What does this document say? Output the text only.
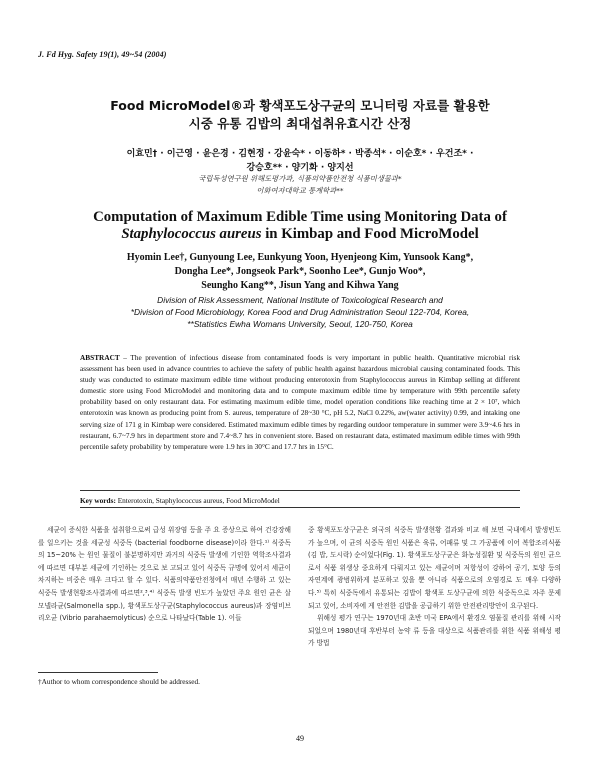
J. Fd Hyg. Safety 19(1), 49~54 (2004)
Food MicroModel®과 황색포도상구균의 모니터링 자료를 활용한
시중 유통 김밥의 최대섭취유효시간 산정
이효민† · 이근영 · 윤은경 · 김현정 · 강윤숙* · 이동하* · 박종석* · 이순호* · 우건조* ·
강승호** · 양기화 · 양지선
국립독성연구원 위해도평가과, 식품의약품안전청 식품미생물과*
이화여자대학교 통계학과**
Computation of Maximum Edible Time using Monitoring Data of
Staphylococcus aureus in Kimbap and Food MicroModel
Hyomin Lee†, Gunyoung Lee, Eunkyung Yoon, Hyenjeong Kim, Yunsook Kang*,
Dongha Lee*, Jongseok Park*, Soonho Lee*, Gunjo Woo*,
Seungho Kang**, Jisun Yang and Kihwa Yang
Division of Risk Assessment, National Institute of Toxicological Research and
*Division of Food Microbiology, Korea Food and Drug Administration Seoul 122-704, Korea,
**Statistics Ewha Womans University, Seoul, 120-750, Korea
ABSTRACT – The prevention of infectious disease from contaminated foods is very important in public health. Quantitative microbial risk assessment has been used in advance countries to achieve the safety of public health against hazardous microbial causing contaminated foods. This study was conducted to estimate maximum edible time without producing enterotoxin from Staphylococcus aureus in Kimbap selling at different domestic store using Food MicroModel and monitoring data and to compute maximum edible time by temperature with 99th percentile safety probability based on only restaurant data. For estimating maximum edible time, model operation conditions like reaching time at 2 × 10⁷, which enterotoxin was known as producing point from S. aureus, temperature of 28~30 °C, pH 5.2, NaCl 0.22%, aw(water activity) 0.99, and intaking one serving size of 171 g in Kimbap were considered. Estimated maximum edible times by regarding outdoor temperature in summer were 3.9~4.6 hrs in restaurant, 6.7~7.9 hrs in department store and 7.4~8.7 hrs in convenient store. Based on restaurant data, estimated maximum edible times with 99th percentile safety probability by temperature were 1.9 hrs in 30°C and 17.7 hrs in 15°C.
Key words: Enterotoxin, Staphylococcus aureus, Food MicroModel

세균이 증식한 식품을 섭취함으로써 급성 위장염 등을 주 요 증상으로 하여 건강장해를 일으키는 것을 세균성 식중독 (bacterial foodborne disease)이라 한다.¹⁾ 식중독의 15~20% 는 원인 물질이 불분명하지만 과거의 식중독 발생에 기인한 역학조사결과에 따르면 대부분 세균에 기인하는 것으로 보 고되고 있어 식중독 규명에 있어서 세균이 차지하는 비중은 매우 크다고 할 수 있다. 식품의약품안전청에서 매년 수행하 고 있는 식중독 발생현황조사결과에 따르면²,³,⁴⁾ 식중독 발생 빈도가 높았던 주요 원인 균은 살모넬라균(Salmonella spp.), 황색포도상구균(Staphylococcus aureus)과 장염비브리오균 (Vibrio parahaemolyticus) 순으로 나타났다(Table 1). 이들

중 황색포도상구균은 외국의 식중독 발생현황 결과와 비교 해 보면 국내에서 발생빈도가 높으며, 이 균의 식중독 원인 식품은 육류, 어패류 및 그 가공품에 이어 복합조리식품(김 밥, 도시락) 순이었다(Fig. 1). 황색포도상구균은 화농성질환 및 식중독의 원인 균으로서 식품 위생상 중요하게 다뤄지고 있는 세균이며 저항성이 강하여 공기, 토양 등의 자연계에 광범위하게 분포하고 있을 뿐 아니라 식품으로의 오염경로 도 매우 다양하다.⁵⁾ 특히 식중독에서 유통되는 김밥이 황색포 도상구균에 의한 식중독으로 자주 문제되고 있어, 소비자에 게 안전한 김밥을 공급하기 위한 안전관리방안이 요구된다.

위해성 평가 연구는 1970년대 초반 미국 EPA에서 환경오 염물질 관리를 위해 시작되었으며 1980년대 후반부터 농약 류 등을 대상으로 식품관리를 위한 식품 위해성 평가 방법

†Author to whom correspondence should be addressed.
49
